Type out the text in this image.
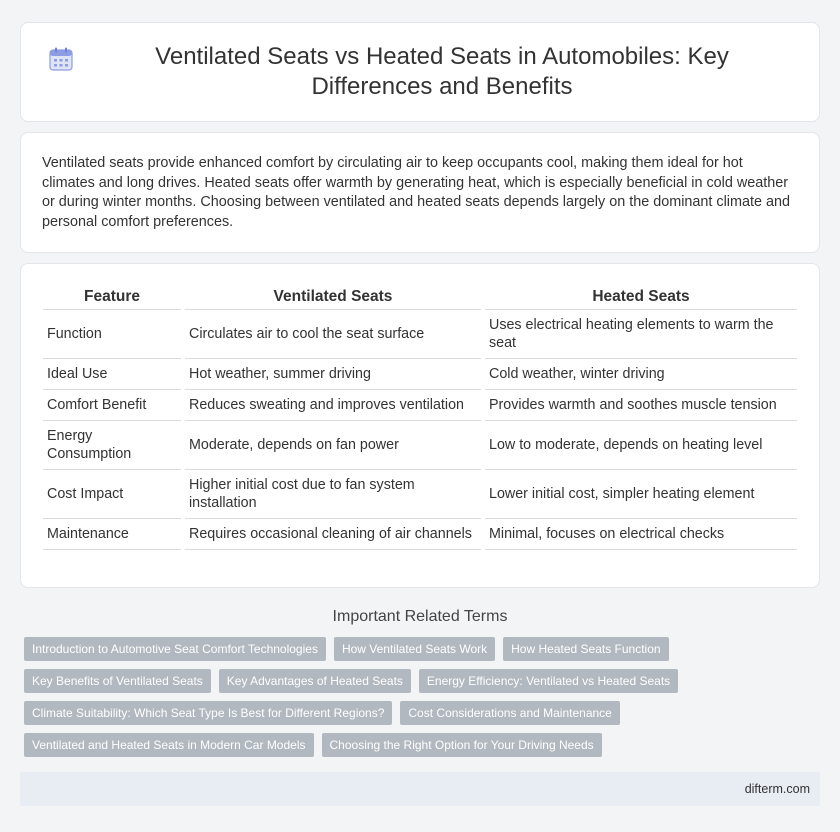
Ventilated Seats vs Heated Seats in Automobiles: Key Differences and Benefits

Ventilated seats provide enhanced comfort by circulating air to keep occupants cool, making them ideal for hot climates and long drives. Heated seats offer warmth by generating heat, which is especially beneficial in cold weather or during winter months. Choosing between ventilated and heated seats depends largely on the dominant climate and personal comfort preferences.

Feature	Ventilated Seats	Heated Seats
Function	Circulates air to cool the seat surface	Uses electrical heating elements to warm the seat
Ideal Use	Hot weather, summer driving	Cold weather, winter driving
Comfort Benefit	Reduces sweating and improves ventilation	Provides warmth and soothes muscle tension
Energy Consumption	Moderate, depends on fan power	Low to moderate, depends on heating level
Cost Impact	Higher initial cost due to fan system installation	Lower initial cost, simpler heating element
Maintenance	Requires occasional cleaning of air channels	Minimal, focuses on electrical checks
Important Related Terms
Introduction to Automotive Seat Comfort Technologies	How Ventilated Seats Work	How Heated Seats Function
Key Benefits of Ventilated Seats	Key Advantages of Heated Seats	Energy Efficiency: Ventilated vs Heated Seats
Climate Suitability: Which Seat Type Is Best for Different Regions?	Cost Considerations and Maintenance
Ventilated and Heated Seats in Modern Car Models	Choosing the Right Option for Your Driving Needs
difterm.com
